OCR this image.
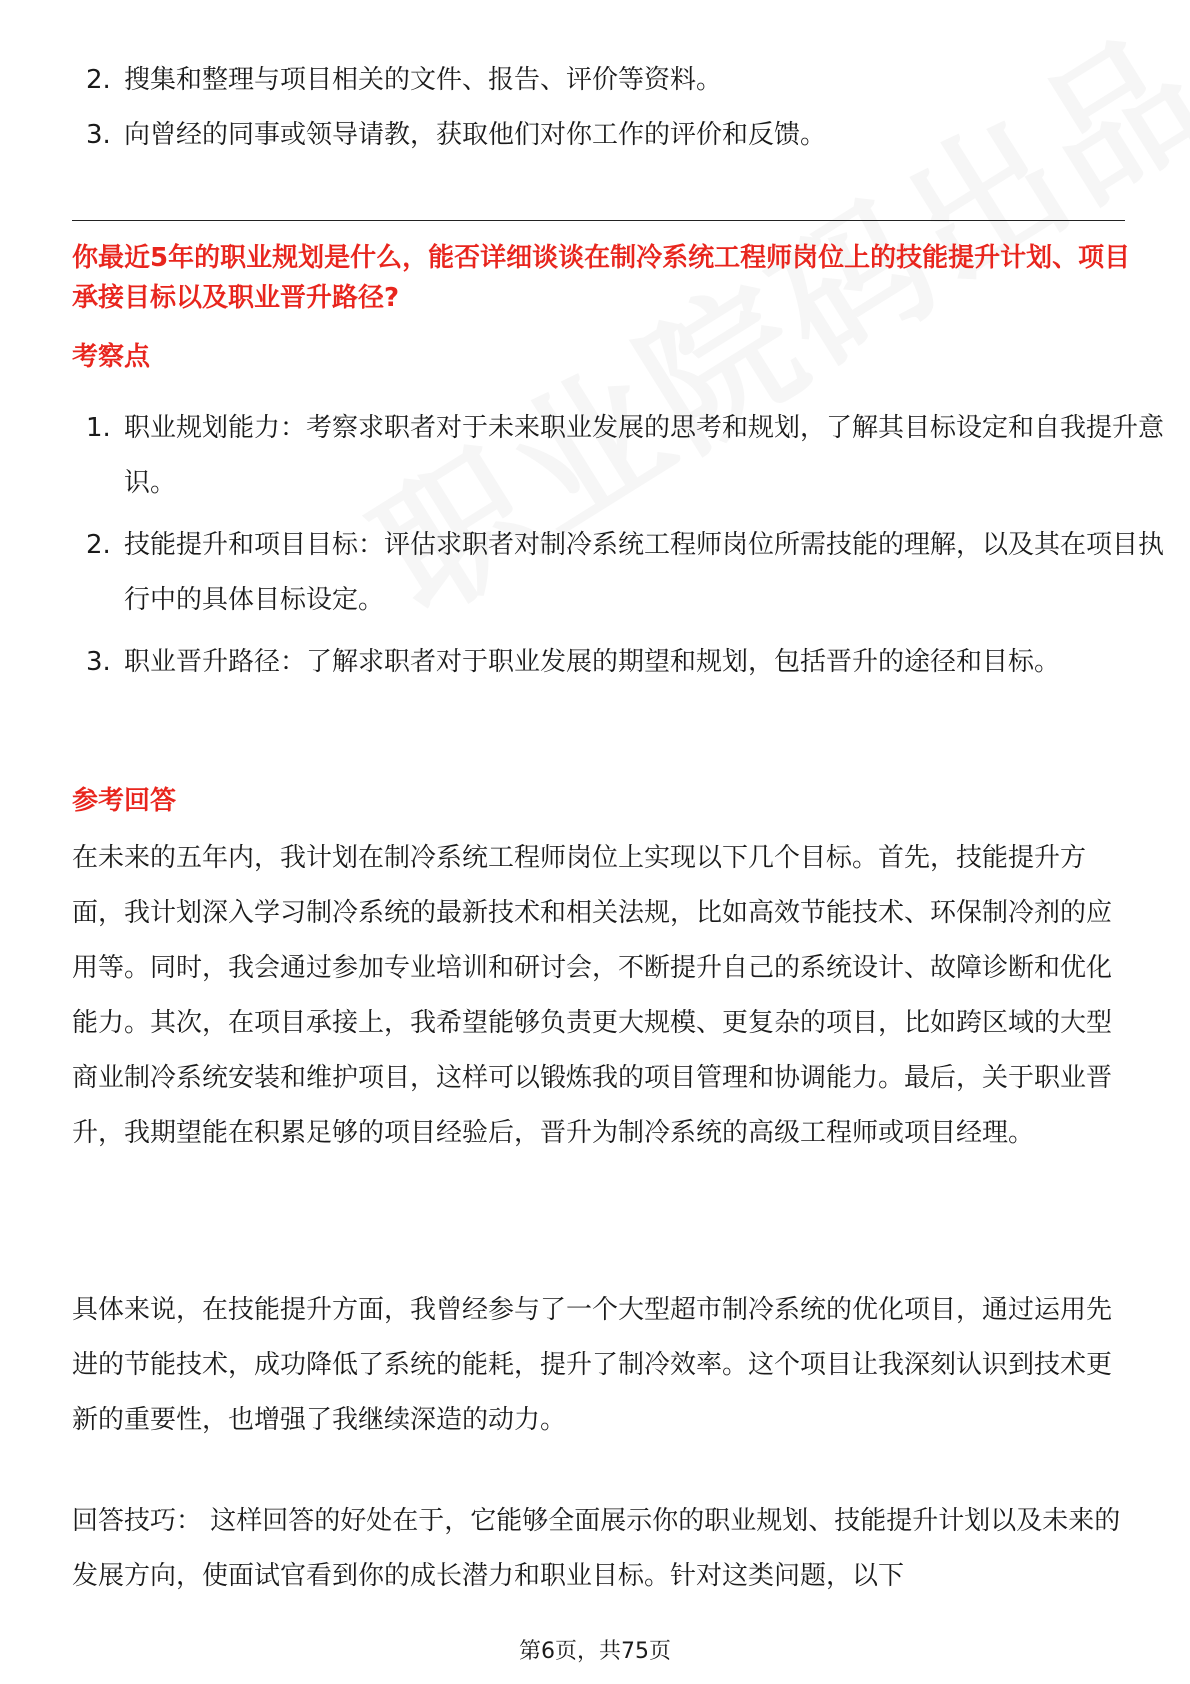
2. 搜集和整理与项目相关的文件、报告、评价等资料。
3. 向曾经的同事或领导请教，获取他们对你工作的评价和反馈。
你最近5年的职业规划是什么，能否详细谈谈在制冷系统工程师岗位上的技能提升计划、项目承接目标以及职业晋升路径?
考察点
1. 职业规划能力：考察求职者对于未来职业发展的思考和规划，了解其目标设定和自我提升意识。
2. 技能提升和项目目标：评估求职者对制冷系统工程师岗位所需技能的理解，以及其在项目执行中的具体目标设定。
3. 职业晋升路径：了解求职者对于职业发展的期望和规划，包括晋升的途径和目标。
参考回答

在未来的五年内，我计划在制冷系统工程师岗位上实现以下几个目标。首先，技能提升方面，我计划深入学习制冷系统的最新技术和相关法规，比如高效节能技术、环保制冷剂的应用等。同时，我会通过参加专业培训和研讨会，不断提升自己的系统设计、故障诊断和优化能力。其次，在项目承接上，我希望能够负责更大规模、更复杂的项目，比如跨区域的大型商业制冷系统安装和维护项目，这样可以锻炼我的项目管理和协调能力。最后，关于职业晋升，我期望能在积累足够的项目经验后，晋升为制冷系统的高级工程师或项目经理。

具体来说，在技能提升方面，我曾经参与了一个大型超市制冷系统的优化项目，通过运用先进的节能技术，成功降低了系统的能耗，提升了制冷效率。这个项目让我深刻认识到技术更新的重要性，也增强了我继续深造的动力。

回答技巧： 这样回答的好处在于，它能够全面展示你的职业规划、技能提升计划以及未来的发展方向，使面试官看到你的成长潜力和职业目标。针对这类问题，以下

第6页，共75页
